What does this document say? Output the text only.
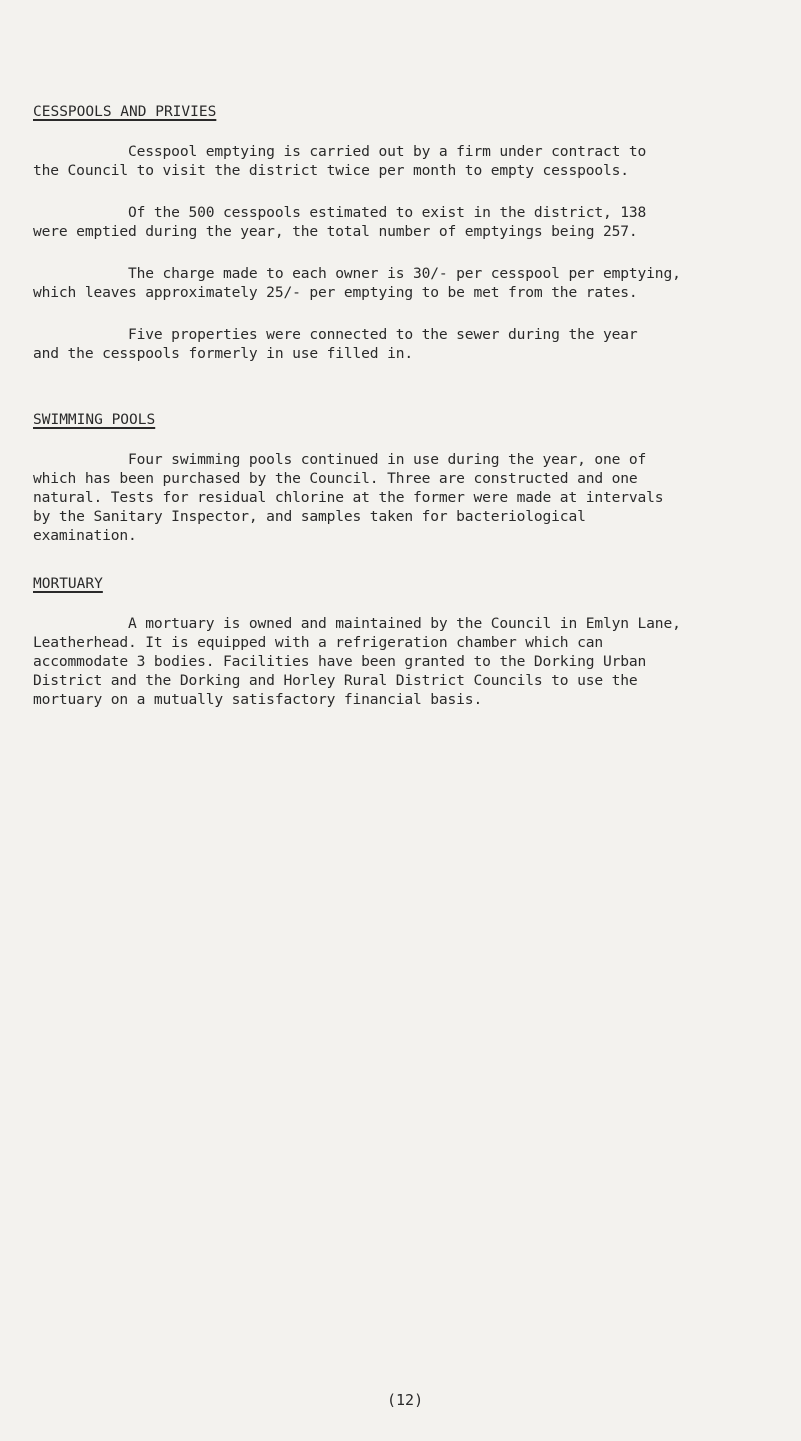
CESSPOOLS AND PRIVIES
Cesspool emptying is carried out by a firm under contract to
the Council to visit the district twice per month to empty cesspools.
Of the 500 cesspools estimated to exist in the district, 138
were emptied during the year, the total number of emptyings being 257.
The charge made to each owner is 30/- per cesspool per emptying,
which leaves approximately 25/- per emptying to be met from the rates.
Five properties were connected to the sewer during the year
and the cesspools formerly in use filled in.
SWIMMING POOLS
Four swimming pools continued in use during the year, one of
which has been purchased by the Council. Three are constructed and one
natural. Tests for residual chlorine at the former were made at intervals
by the Sanitary Inspector, and samples taken for bacteriological
examination.
MORTUARY
A mortuary is owned and maintained by the Council in Emlyn Lane,
Leatherhead. It is equipped with a refrigeration chamber which can
accommodate 3 bodies. Facilities have been granted to the Dorking Urban
District and the Dorking and Horley Rural District Councils to use the
mortuary on a mutually satisfactory financial basis.
(12)
